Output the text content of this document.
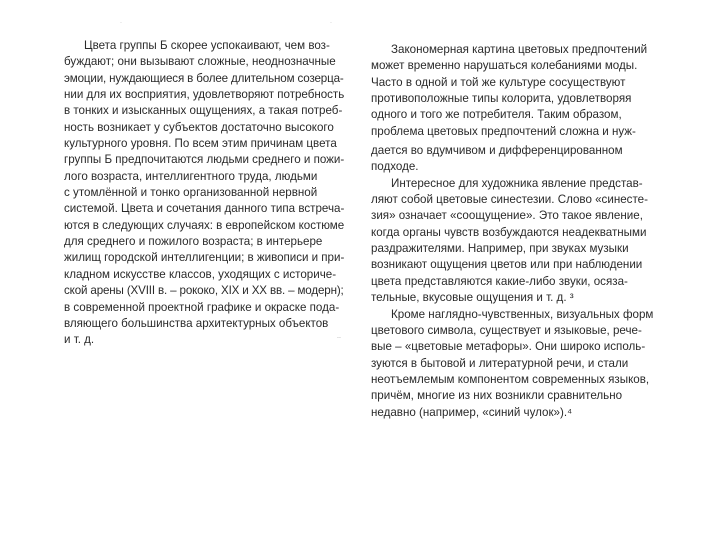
·	·
Цвета группы Б скорее успокаивают, чем воз-
буждают; они вызывают сложные, неоднозначные
эмоции, нуждающиеся в более длительном созерца-
нии для их восприятия, удовлетворяют потребность
в тонких и изысканных ощущениях, а такая потреб-
ность возникает у субъектов достаточно высокого
культурного уровня. По всем этим причинам цвета
группы Б предпочитаются людьми среднего и пожи-
лого возраста, интеллигентного труда, людьми
с утомлённой и тонко организованной нервной
системой. Цвета и сочетания данного типа встреча-
ются в следующих случаях: в европейском костюме
для среднего и пожилого возраста; в интерьере
жилищ городской интеллигенции; в живописи и при-
кладном искусстве классов, уходящих с историче-
ской арены (XVIII в. – рококо, XIX и XX вв. – модерн);
в современной проектной графике и окраске пода-
вляющего большинства архитектурных объектов
и т. д.
Закономерная картина цветовых предпочтений
может временно нарушаться колебаниями моды.
Часто в одной и той же культуре сосуществуют
противоположные типы колорита, удовлетворяя
одного и того же потребителя. Таким образом,
проблема цветовых предпочтений сложна и нуж-
дается во вдумчивом и дифференцированном
подходе.
Интересное для художника явление представ-
ляют собой цветовые синестезии. Слово «синесте-
зия» означает «соощущение». Это такое явление,
когда органы чувств возбуждаются неадекватными
раздражителями. Например, при звуках музыки
возникают ощущения цветов или при наблюдении
цвета представляются какие-либо звуки, осяза-
тельные, вкусовые ощущения и т. д. ³
Кроме наглядно-чувственных, визуальных форм
цветового символа, существует и языковые, рече-
вые – «цветовые метафоры». Они широко исполь-
зуются в бытовой и литературной речи, и стали
неотъемлемым компонентом современных языков,
причём, многие из них возникли сравнительно
недавно (например, «синий чулок»).⁴
..
